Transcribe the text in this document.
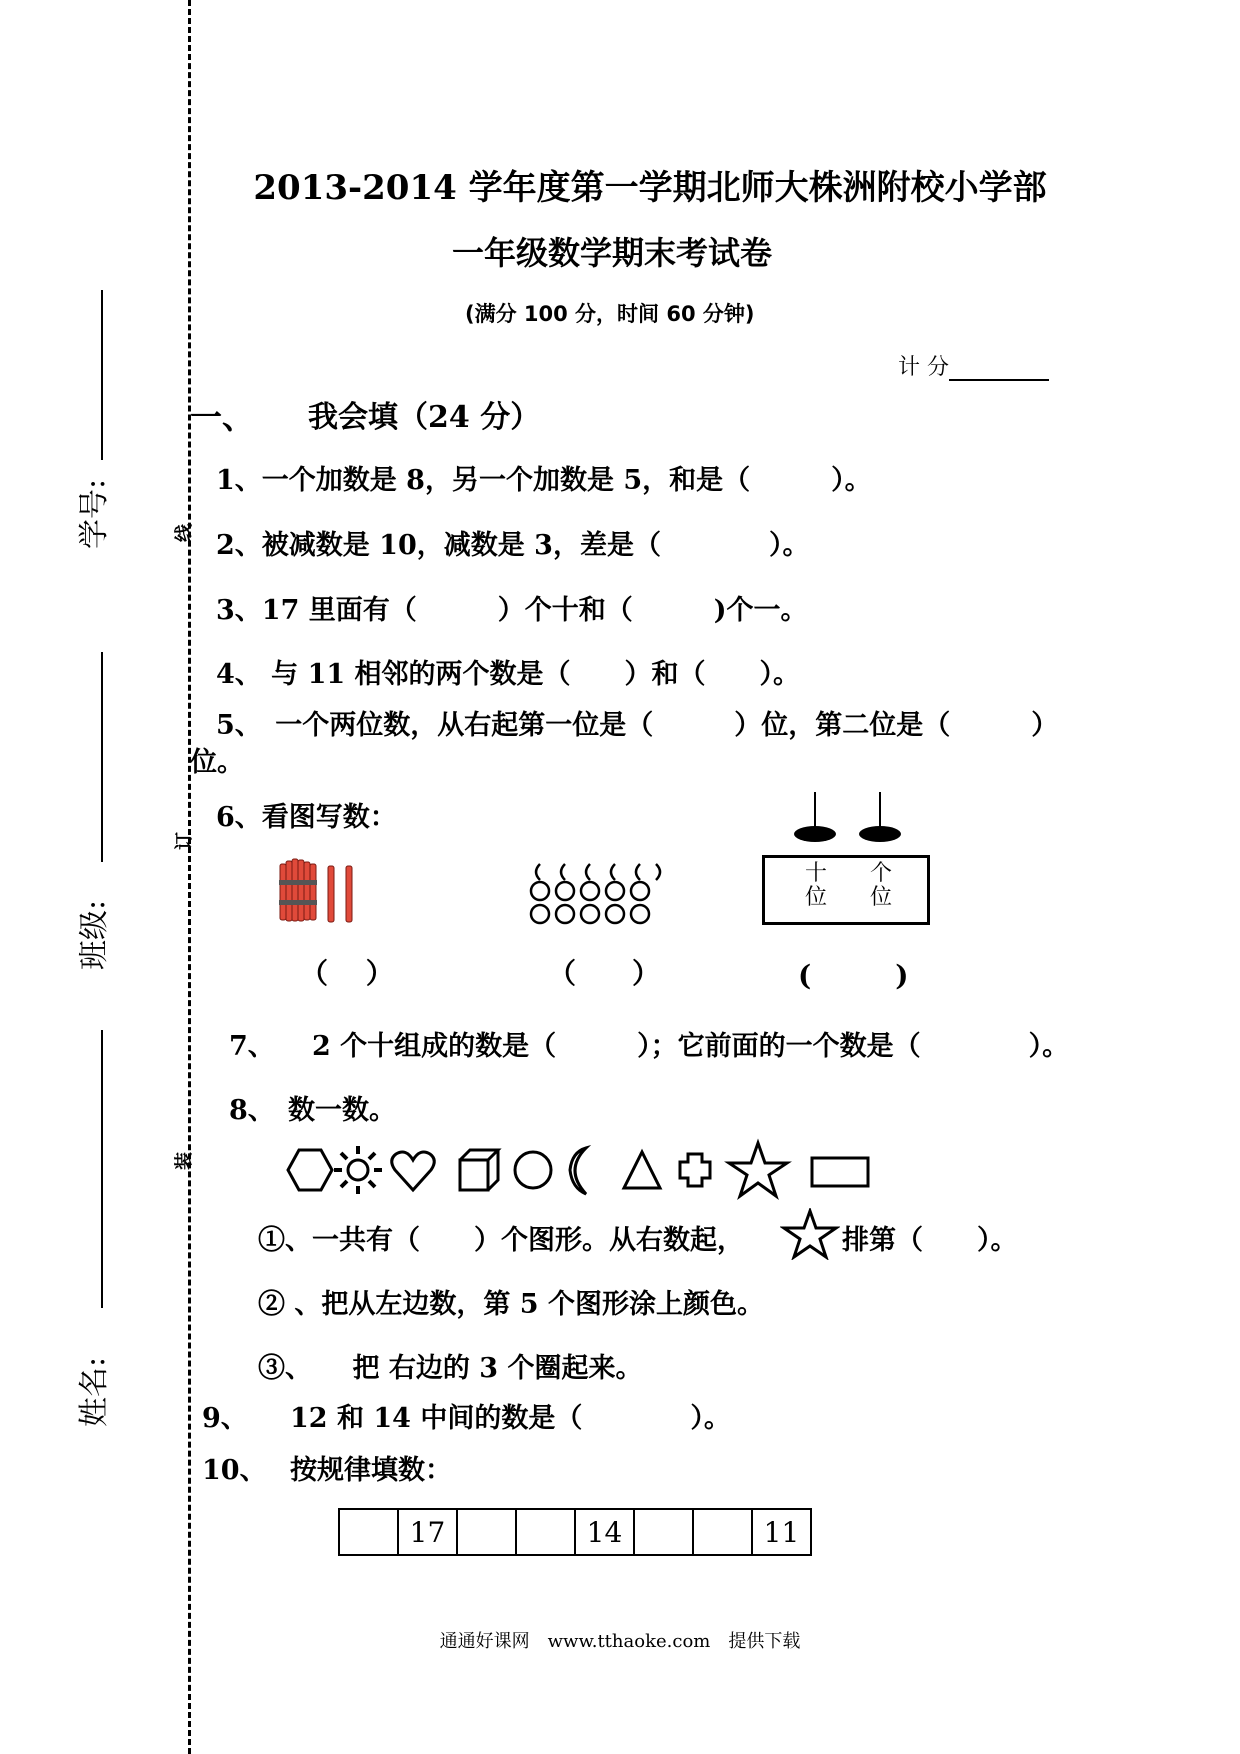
学号:
班级:
姓名:
线
订
装
2013-2014 学年度第一学期北师大株洲附校小学部
一年级数学期末考试卷
(满分 100 分，时间 60 分钟)
计 分
一、 我会填（24 分）
1、一个加数是 8，另一个加数是 5，和是（　　　）。
2、被减数是 10，减数是 3，差是（　　　　）。
3、17 里面有（　　　）个十和（　　　)个一。
4、 与 11 相邻的两个数是（　　）和（　　）。
5、　一个两位数，从右起第一位是（　　　）位，第二位是（　　　）
位。
6、看图写数：
十
位
个
位
（　 ）	（　　）	(　　　)
7、 2 个十组成的数是（　　　）；它前面的一个数是（　　　　）。
8、 数一数。
①、一共有（　　）个图形。从右数起，	排第（　　）。
② 、把从左边数，第 5 个图形涂上颜色。
③、　　把 右边的 3 个圈起来。
9、 12 和 14 中间的数是（　　　　）。
10、 按规律填数：
	17			14			11
通通好课网　www.tthaoke.com　提供下载
